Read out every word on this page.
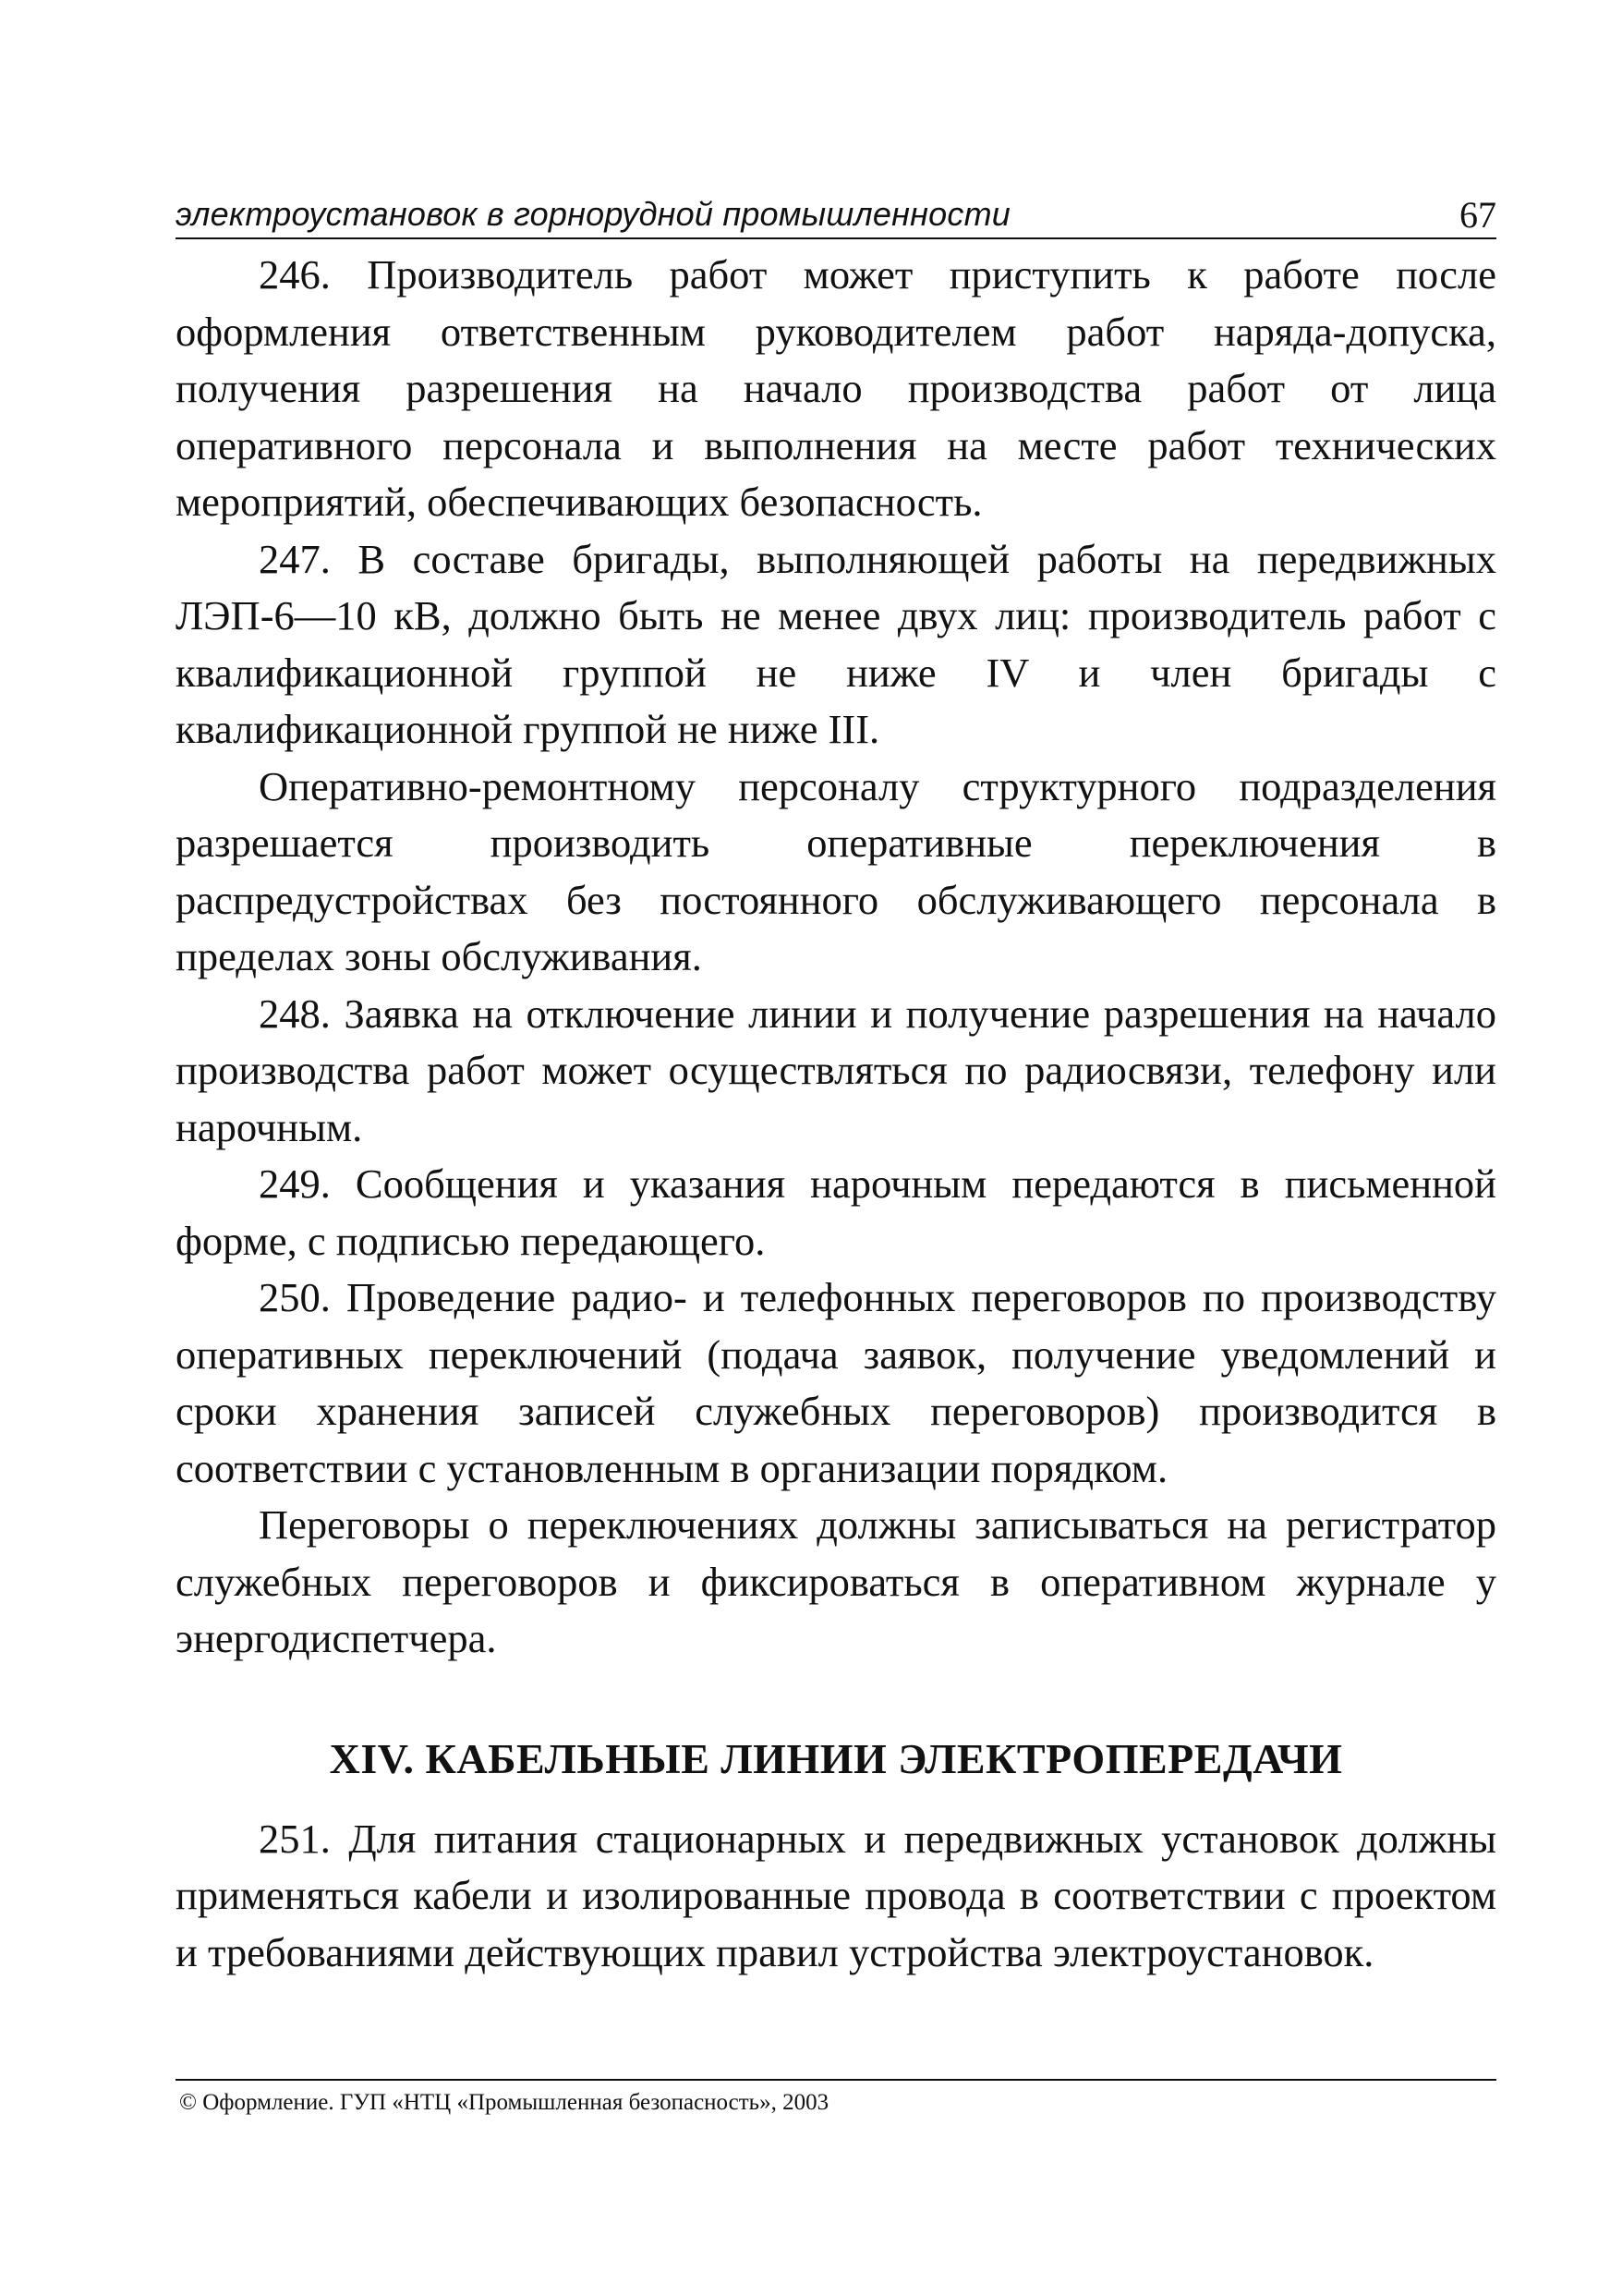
электроустановок в горнорудной промышленности	67

246. Производитель работ может приступить к работе после оформления ответственным руководителем работ наряда-допуска, получения разрешения на начало производства работ от лица оперативного персонала и выполнения на месте работ технических мероприятий, обеспечивающих безопасность.

247. В составе бригады, выполняющей работы на передвижных ЛЭП-6—10 кВ, должно быть не менее двух лиц: производитель работ с квалификационной группой не ниже IV и член бригады с квалификационной группой не ниже III.

Оперативно-ремонтному персоналу структурного подразделения разрешается производить оперативные переключения в распредустройствах без постоянного обслуживающего персонала в пределах зоны обслуживания.

248. Заявка на отключение линии и получение разрешения на начало производства работ может осуществляться по радиосвязи, телефону или нарочным.

249. Сообщения и указания нарочным передаются в письменной форме, с подписью передающего.

250. Проведение радио- и телефонных переговоров по производству оперативных переключений (подача заявок, получение уведомлений и сроки хранения записей служебных переговоров) производится в соответствии с установленным в организации порядком.

Переговоры о переключениях должны записываться на регистратор служебных переговоров и фиксироваться в оперативном журнале у энергодиспетчера.

XIV. КАБЕЛЬНЫЕ ЛИНИИ ЭЛЕКТРОПЕРЕДАЧИ

251. Для питания стационарных и передвижных установок должны применяться кабели и изолированные провода в соответствии с проектом и требованиями действующих правил устройства электроустановок.

© Оформление. ГУП «НТЦ «Промышленная безопасность», 2003
